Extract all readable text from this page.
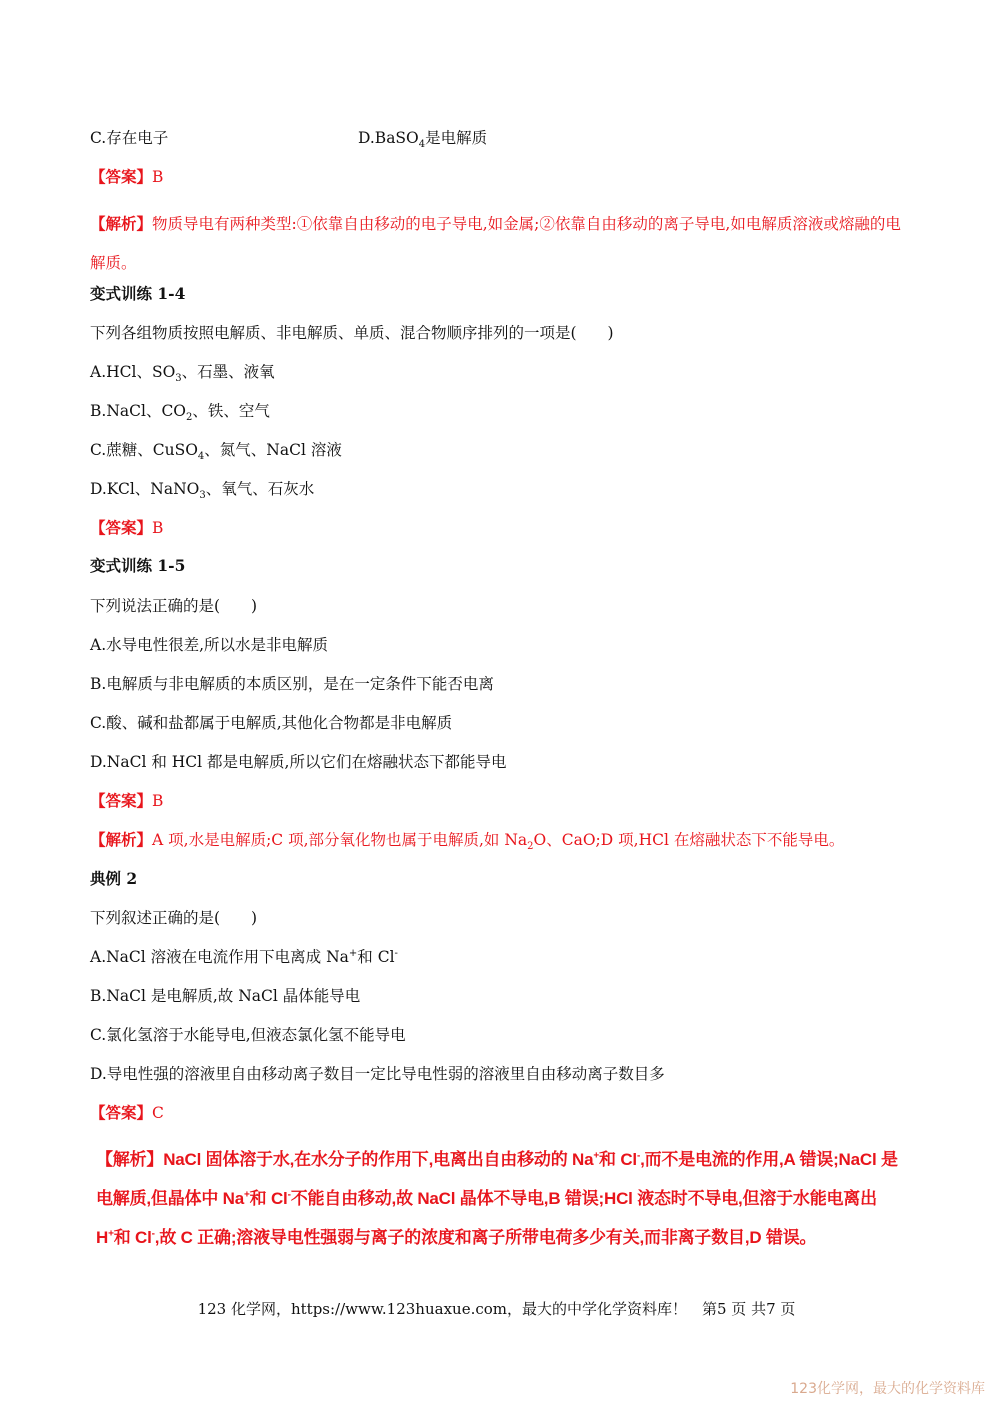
C.存在电子	D.BaSO$_4$是电解质
【答案】B
【解析】物质导电有两种类型:①依靠自由移动的电子导电,如金属;②依靠自由移动的离子导电,如电解质溶液或熔融的电解质。
变式训练 1-4
下列各组物质按照电解质、非电解质、单质、混合物顺序排列的一项是(　　)
A.HCl、$SO_3$、石墨、液氧
B.NaCl、$CO_2$、铁、空气
C.蔗糖、CuSO$_4$、氮气、NaCl 溶液
D.KCl、NaNO$_3$、氧气、石灰水
【答案】B
变式训练 1-5
下列说法正确的是(　　)
A.水导电性很差,所以水是非电解质
B.电解质与非电解质的本质区别，是在一定条件下能否电离
C.酸、碱和盐都属于电解质,其他化合物都是非电解质
D.NaCl 和 HCl 都是电解质,所以它们在熔融状态下都能导电
【答案】B
【解析】A 项,水是电解质;C 项,部分氧化物也属于电解质,如 $Na_2O$、CaO;D 项,HCl 在熔融状态下不能导电。
典例 2
下列叙述正确的是(　　)
A.NaCl 溶液在电流作用下电离成 Na+和 Cl-
B.NaCl 是电解质,故 NaCl 晶体能导电
C.氯化氢溶于水能导电,但液态氯化氢不能导电
D.导电性强的溶液里自由移动离子数目一定比导电性弱的溶液里自由移动离子数目多
【答案】C
【解析】NaCl 固体溶于水,在水分子的作用下,电离出自由移动的 Na+和 Cl-,而不是电流的作用,A 错误;NaCl 是电解质,但晶体中 Na+和 Cl-不能自由移动,故 NaCl 晶体不导电,B 错误;HCl 液态时不导电,但溶于水能电离出 H+和 Cl-,故 C 正确;溶液导电性强弱与离子的浓度和离子所带电荷多少有关,而非离子数目,D 错误。
123 化学网，https://www.123huaxue.com，最大的中学化学资料库！　第5 页 共7 页
123化学网，最大的化学资料库
